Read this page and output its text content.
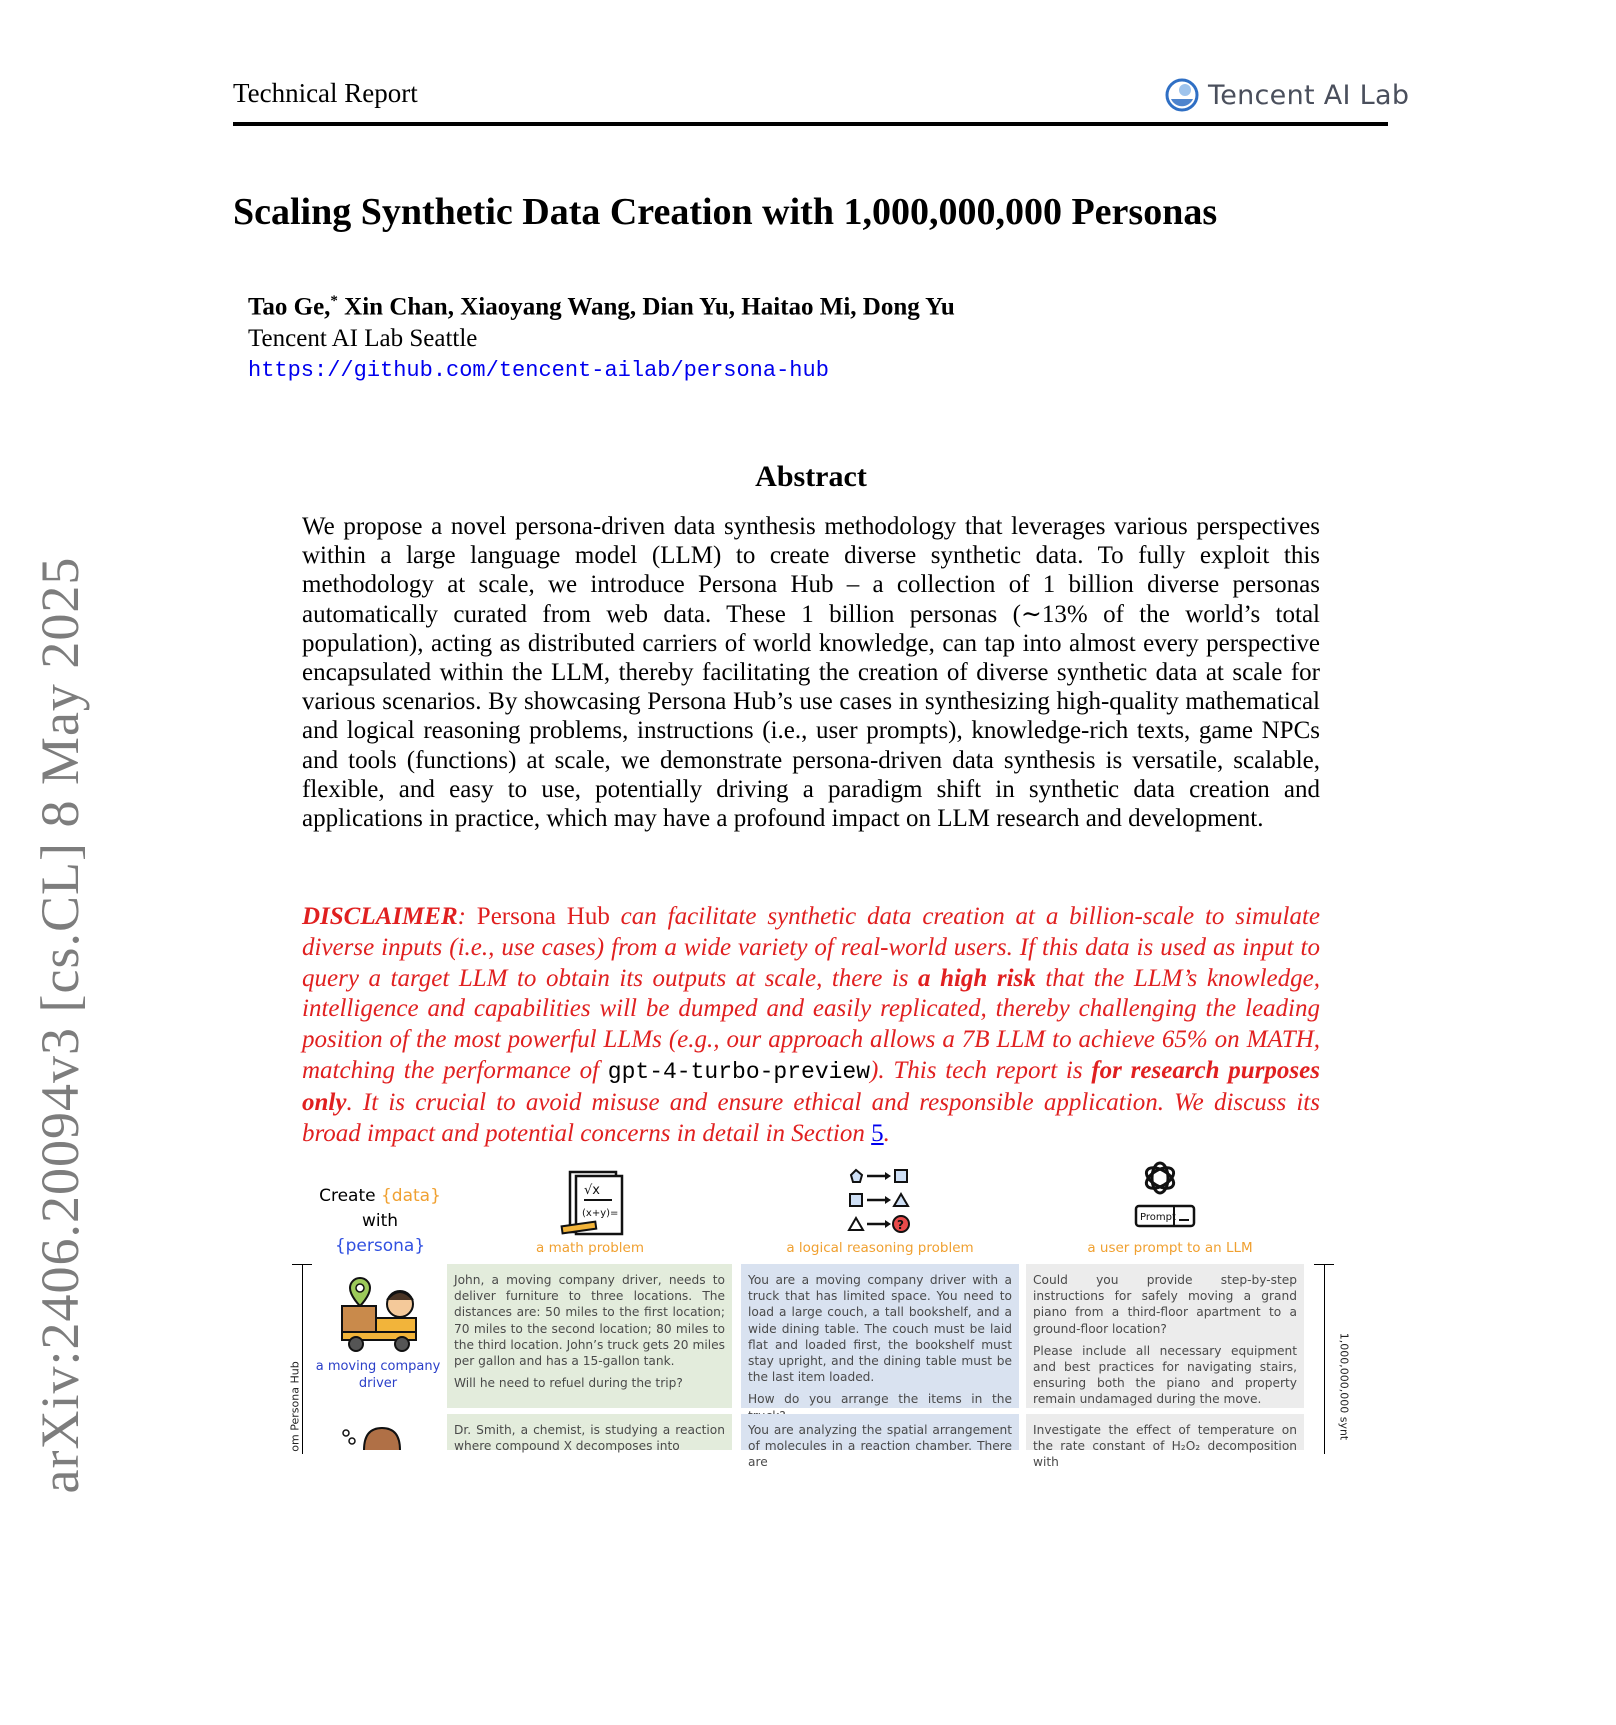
arXiv:2406.20094v3 [cs.CL] 8 May 2025
Technical Report	Tencent AI Lab
Scaling Synthetic Data Creation with 1,000,000,000 Personas
Tao Ge,* Xin Chan, Xiaoyang Wang, Dian Yu, Haitao Mi, Dong Yu
Tencent AI Lab Seattle
https://github.com/tencent-ailab/persona-hub
Abstract

We propose a novel persona-driven data synthesis methodology that leverages various perspectives within a large language model (LLM) to create diverse synthetic data. To fully exploit this methodology at scale, we introduce Persona Hub – a collection of 1 billion diverse personas automatically curated from web data. These 1 billion personas (∼13% of the world’s total population), acting as distributed carriers of world knowledge, can tap into almost every perspective encapsulated within the LLM, thereby facilitating the creation of diverse synthetic data at scale for various scenarios. By showcasing Persona Hub’s use cases in synthesizing high-quality mathematical and logical reasoning problems, instructions (i.e., user prompts), knowledge-rich texts, game NPCs and tools (functions) at scale, we demonstrate persona-driven data synthesis is versatile, scalable, flexible, and easy to use, potentially driving a paradigm shift in synthetic data creation and applications in practice, which may have a profound impact on LLM research and development.

DISCLAIMER: Persona Hub can facilitate synthetic data creation at a billion-scale to simulate diverse inputs (i.e., use cases) from a wide variety of real-world users. If this data is used as input to query a target LLM to obtain its outputs at scale, there is a high risk that the LLM’s knowledge, intelligence and capabilities will be dumped and easily replicated, thereby challenging the leading position of the most powerful LLMs (e.g., our approach allows a 7B LLM to achieve 65% on MATH, matching the performance of gpt-4-turbo-preview). This tech report is for research purposes only. It is crucial to avoid misuse and ensure ethical and responsible application. We discuss its broad impact and potential concerns in detail in Section 5.

Create {data} with
{persona}
√x
(x+y)=
?
Prompt
a math problem	a logical reasoning problem	a user prompt to an LLM
om Persona Hub	1,000,000,000 synt
a moving company driver

John, a moving company driver, needs to deliver furniture to three locations. The distances are: 50 miles to the first location; 70 miles to the second location; 80 miles to the third location. John’s truck gets 20 miles per gallon and has a 15-gallon tank.

Will he need to refuel during the trip?

You are a moving company driver with a truck that has limited space. You need to load a large couch, a tall bookshelf, and a wide dining table. The couch must be laid flat and loaded first, the bookshelf must stay upright, and the dining table must be the last item loaded.

How do you arrange the items in the

Could you provide step-by-step instructions for safely moving a grand piano from a third-floor apartment to a ground-floor location?

Please include all necessary equipment and best practices for navigating stairs, ensuring both the piano and property remain undamaged during the move.

Dr. Smith, a chemist, is studying a reaction where compound X decomposes into

You are analyzing the spatial arrangement of molecules in a reaction chamber. There are

Investigate the effect of temperature on the rate constant of H₂O₂ decomposition with
